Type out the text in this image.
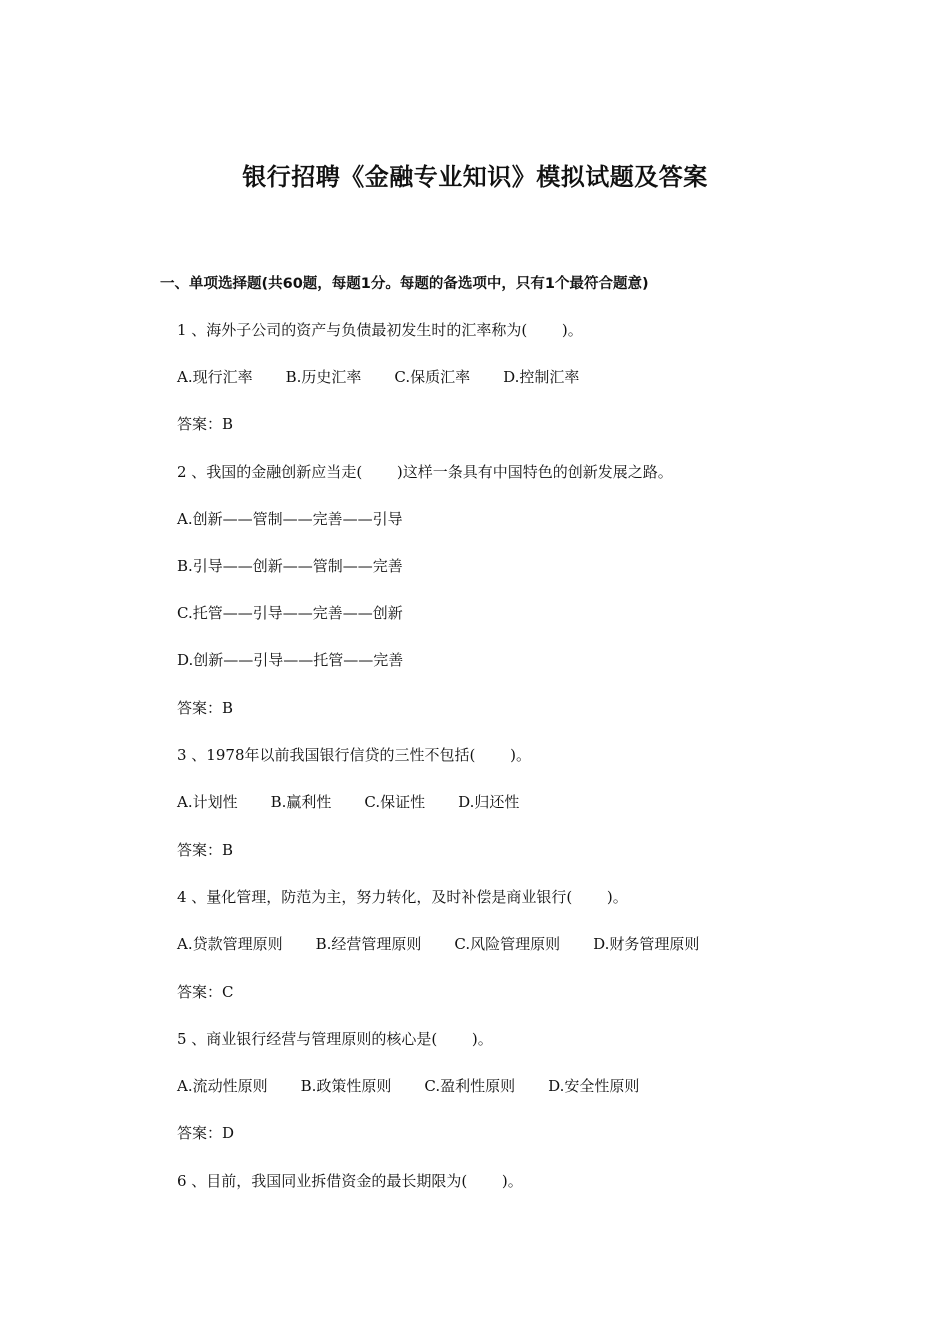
银行招聘《金融专业知识》模拟试题及答案

一、单项选择题(共60题，每题1分。每题的备选项中，只有1个最符合题意)

1 、海外子公司的资产与负债最初发生时的汇率称为(　　 )。

A.现行汇率 B.历史汇率 C.保质汇率 D.控制汇率

答案：B

2 、我国的金融创新应当走(　　 )这样一条具有中国特色的创新发展之路。

A.创新——管制——完善——引导

B.引导——创新——管制——完善

C.托管——引导——完善——创新

D.创新——引导——托管——完善

答案：B

3 、1978年以前我国银行信贷的三性不包括(　　 )。

A.计划性 B.赢利性 C.保证性 D.归还性

答案：B

4 、量化管理，防范为主，努力转化，及时补偿是商业银行(　　 )。

A.贷款管理原则 B.经营管理原则 C.风险管理原则 D.财务管理原则

答案：C

5 、商业银行经营与管理原则的核心是(　　 )。

A.流动性原则 B.政策性原则 C.盈利性原则 D.安全性原则

答案：D

6 、目前，我国同业拆借资金的最长期限为(　　 )。
